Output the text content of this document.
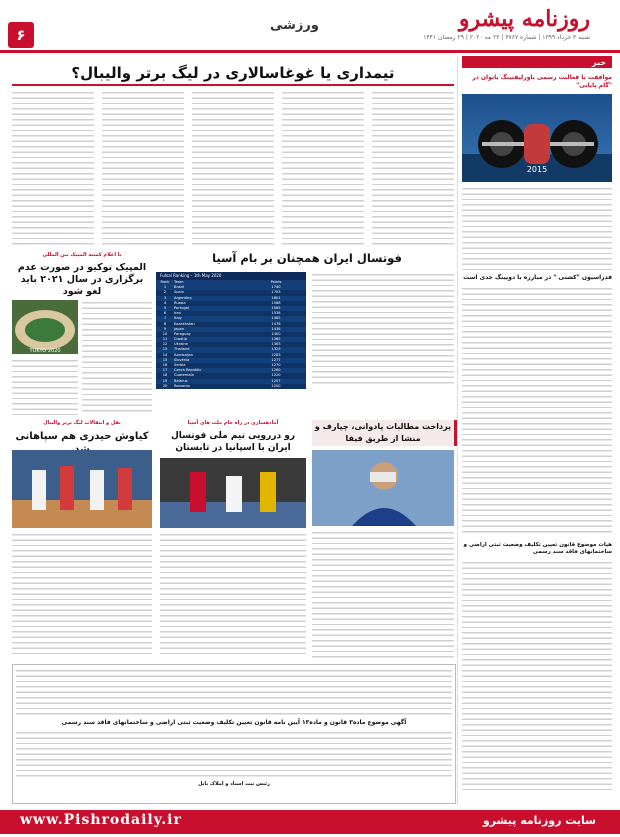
۶
ورزشی	روزنامه پیشرو
شنبه ۳ خرداد ۱۳۹۹ | شماره ۳۷۶۷ | ۲۳ مه ۲۰۲۰ | ۲۹ رمضان ۱۴۴۱
تیمداری یا غوغاسالاری در لیگ برتر والیبال؟

خبر
موافقت با فعالیت رسمی باورلیفتینگ بانوان در "گام پایانی"
2015
فدراسیون "کشتی " در مبارزه با دوپینگ جدی است
هیات موضوع قانون تعیین تکلیف وضعیت ثبتی اراضی و ساختمانهای فاقد سند رسمی
فوتسال ایران همچنان بر بام آسیا
Futsal Ranking – 1th May 2020
Rank	Team	Points
1	Brazil	1740
2	Spain	1703
3	Argentina	1601
4	Russia	1588
5	Portugal	1585
6	Iran	1538
7	Italy	1485
8	Kazakhstan	1478
9	Japan	1436
10	Paraguay	1400
11	Croatia	1365
12	Ukraine	1363
13	Thailand	1329
14	Azerbaijan	1283
15	Slovenia	1277
16	Serbia	1270
17	Czech Republic	1260
18	Guatemala	1220
19	Belarus	1207
20	Romania	1200
با اعلام کمیته المپیک بین المللی
المپیک توکیو در صورت عدم برگزاری در سال ۲۰۲۱ باید لغو شود
TOKYO 2020
پرداخت مطالبات پادوانی، چپارف و منشا از طریق فیفا
نقل و انتقالات لیگ برتر والیبال
کیاوش حیدری هم سپاهانی
آمادهسازی در راه جام ملت های آسیا
رو دررویی تیم ملی فوتسال ایران با اسپانیا در تابستان
آگهی موضوع ماده۳ قانون و ماده۱۳ آیین نامه قانون تعیین تکلیف وضعیت ثبتی اراضی و ساختمانهای فاقد سند رسمی
رئیس ثبت اسناد و املاک بابل
www.Pishrodaily.ir	سایت روزنامه پیشرو
